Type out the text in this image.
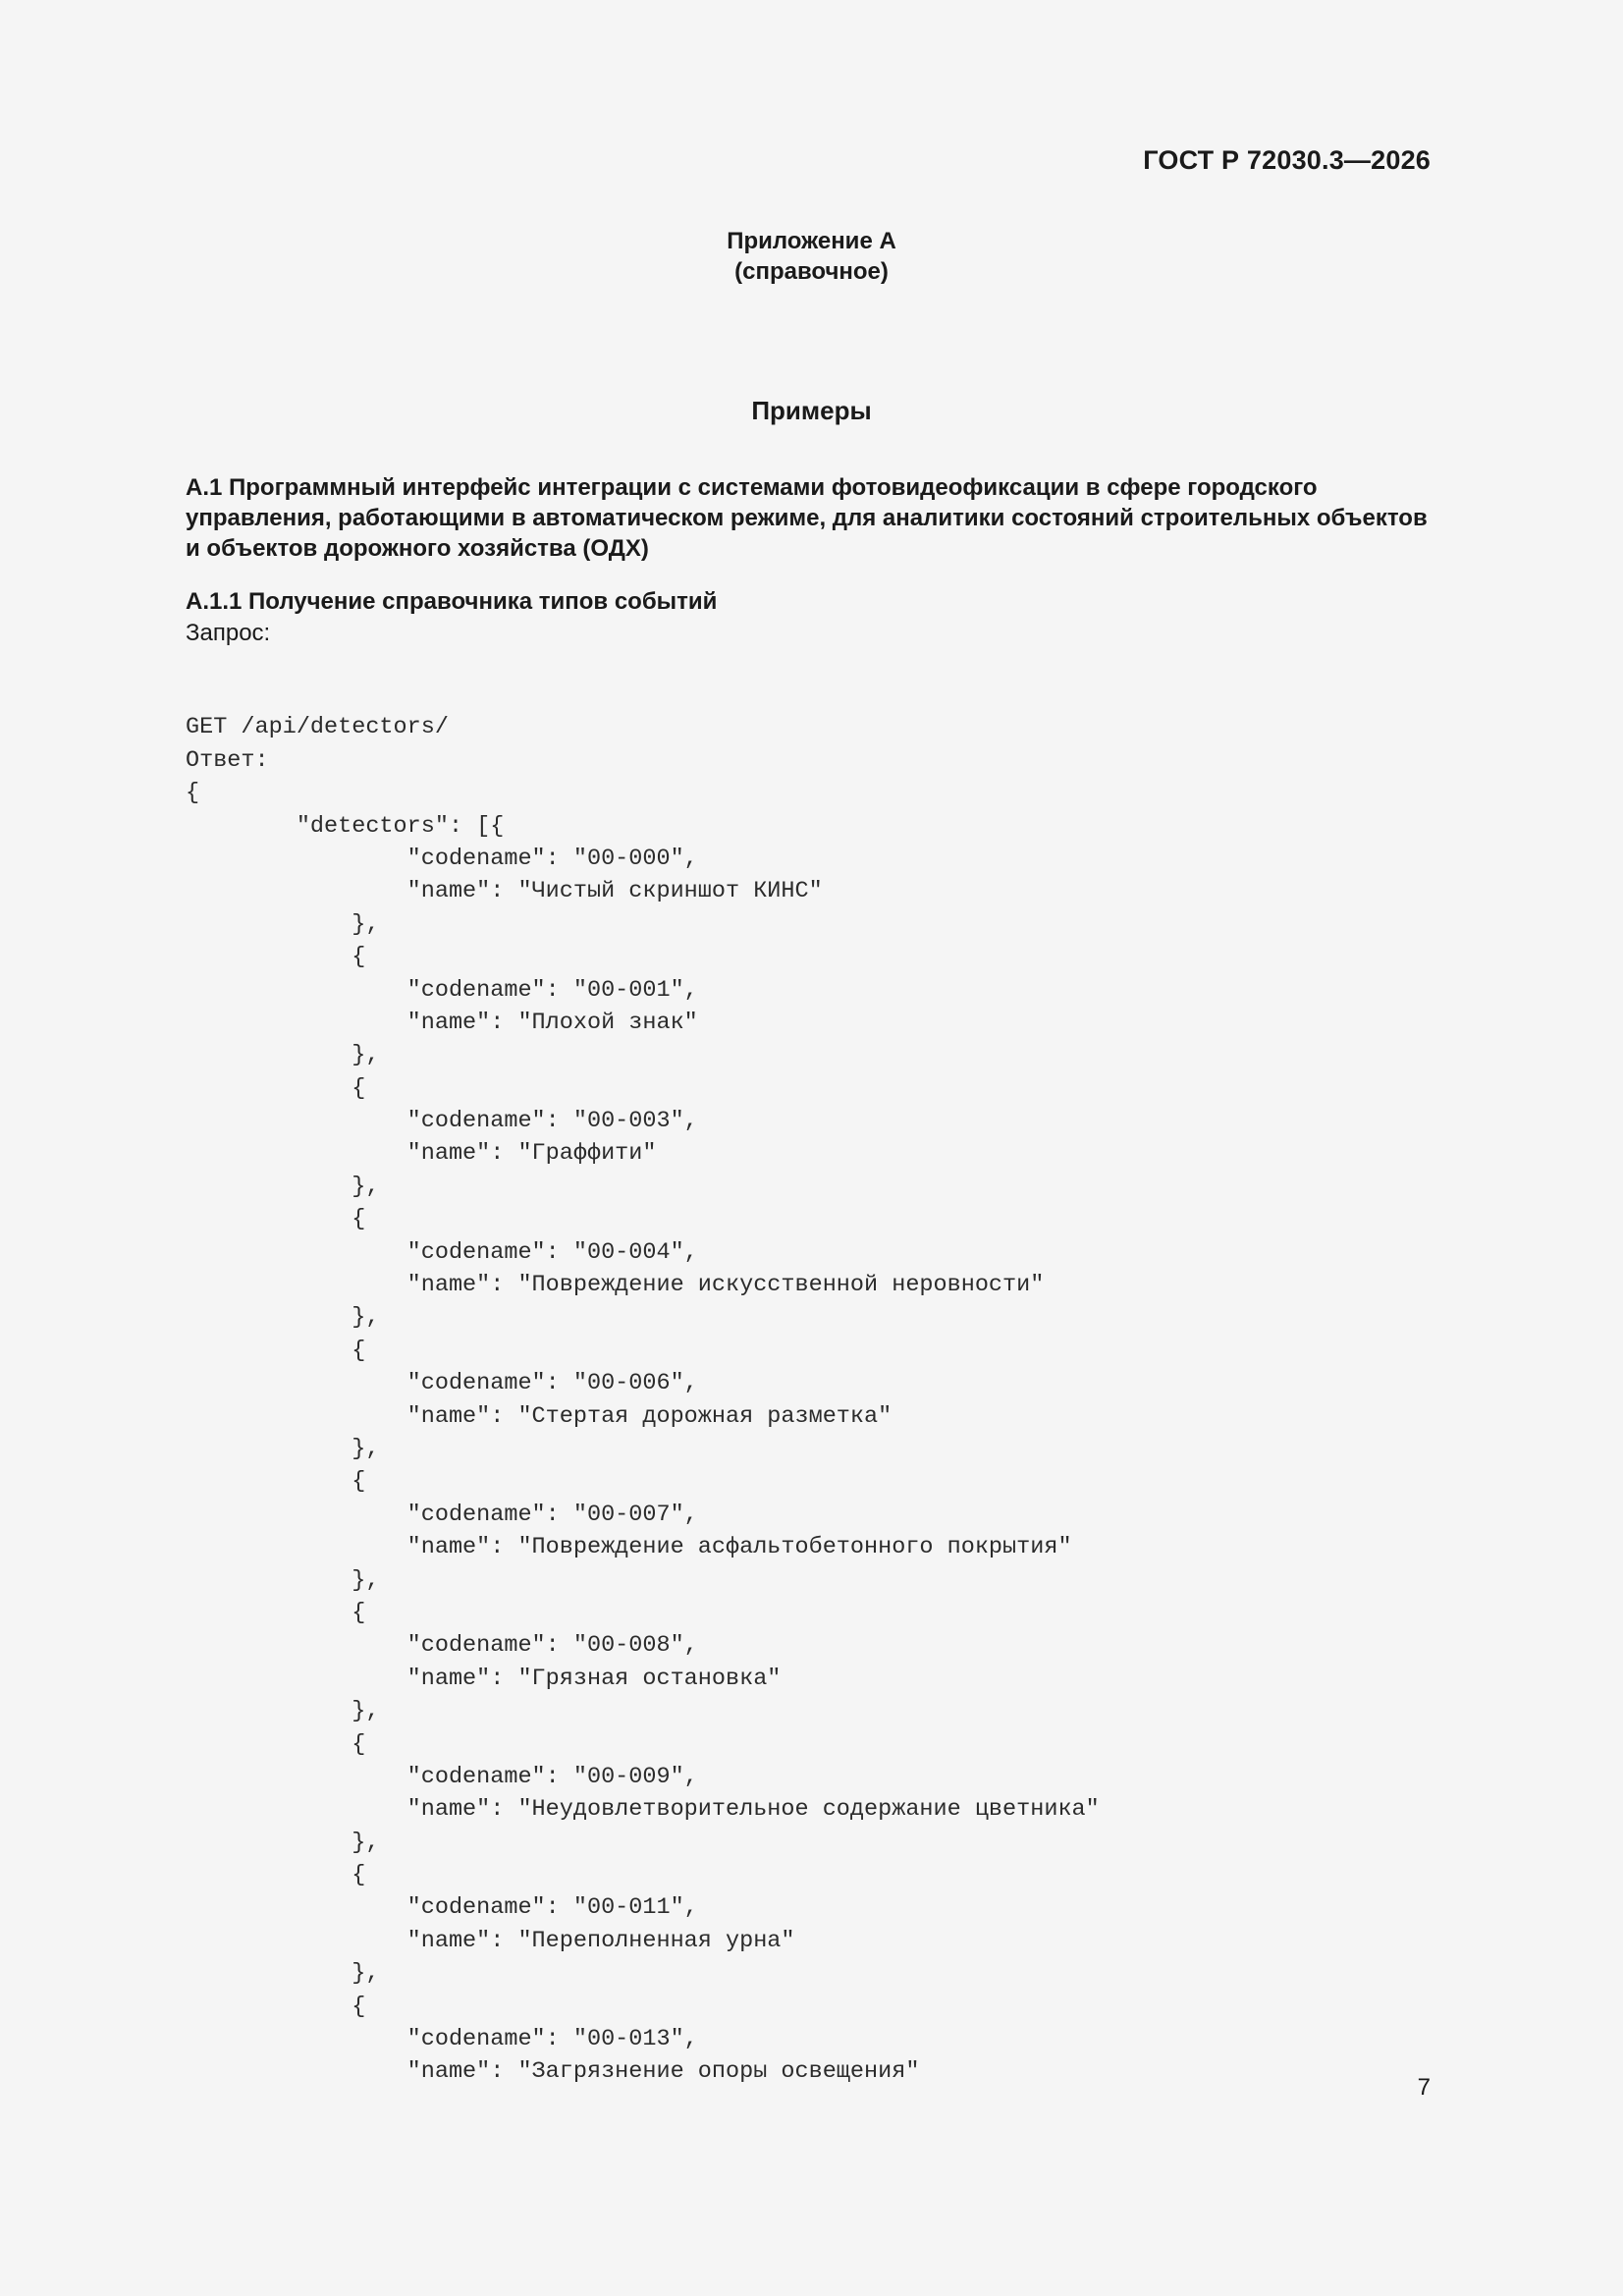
ГОСТ Р 72030.3—2026
Приложение А
(справочное)
Примеры
А.1 Программный интерфейс интеграции с системами фотовидеофиксации в сфере городского управления, работающими в автоматическом режиме, для аналитики состояний строительных объектов и объектов дорожного хозяйства (ОДХ)
А.1.1 Получение справочника типов событий
Запрос:
GET /api/detectors/
Ответ:
{
"detectors": [{
"codename": "00-000",
"name": "Чистый скриншот КИНС"
},
{
"codename": "00-001",
"name": "Плохой знак"
},
{
"codename": "00-003",
"name": "Граффити"
},
{
"codename": "00-004",
"name": "Повреждение искусственной неровности"
},
{
"codename": "00-006",
"name": "Стертая дорожная разметка"
},
{
"codename": "00-007",
"name": "Повреждение асфальтобетонного покрытия"
},
{
"codename": "00-008",
"name": "Грязная остановка"
},
{
"codename": "00-009",
"name": "Неудовлетворительное содержание цветника"
},
{
"codename": "00-011",
"name": "Переполненная урна"
},
{
"codename": "00-013",
"name": "Загрязнение опоры освещения"
7
